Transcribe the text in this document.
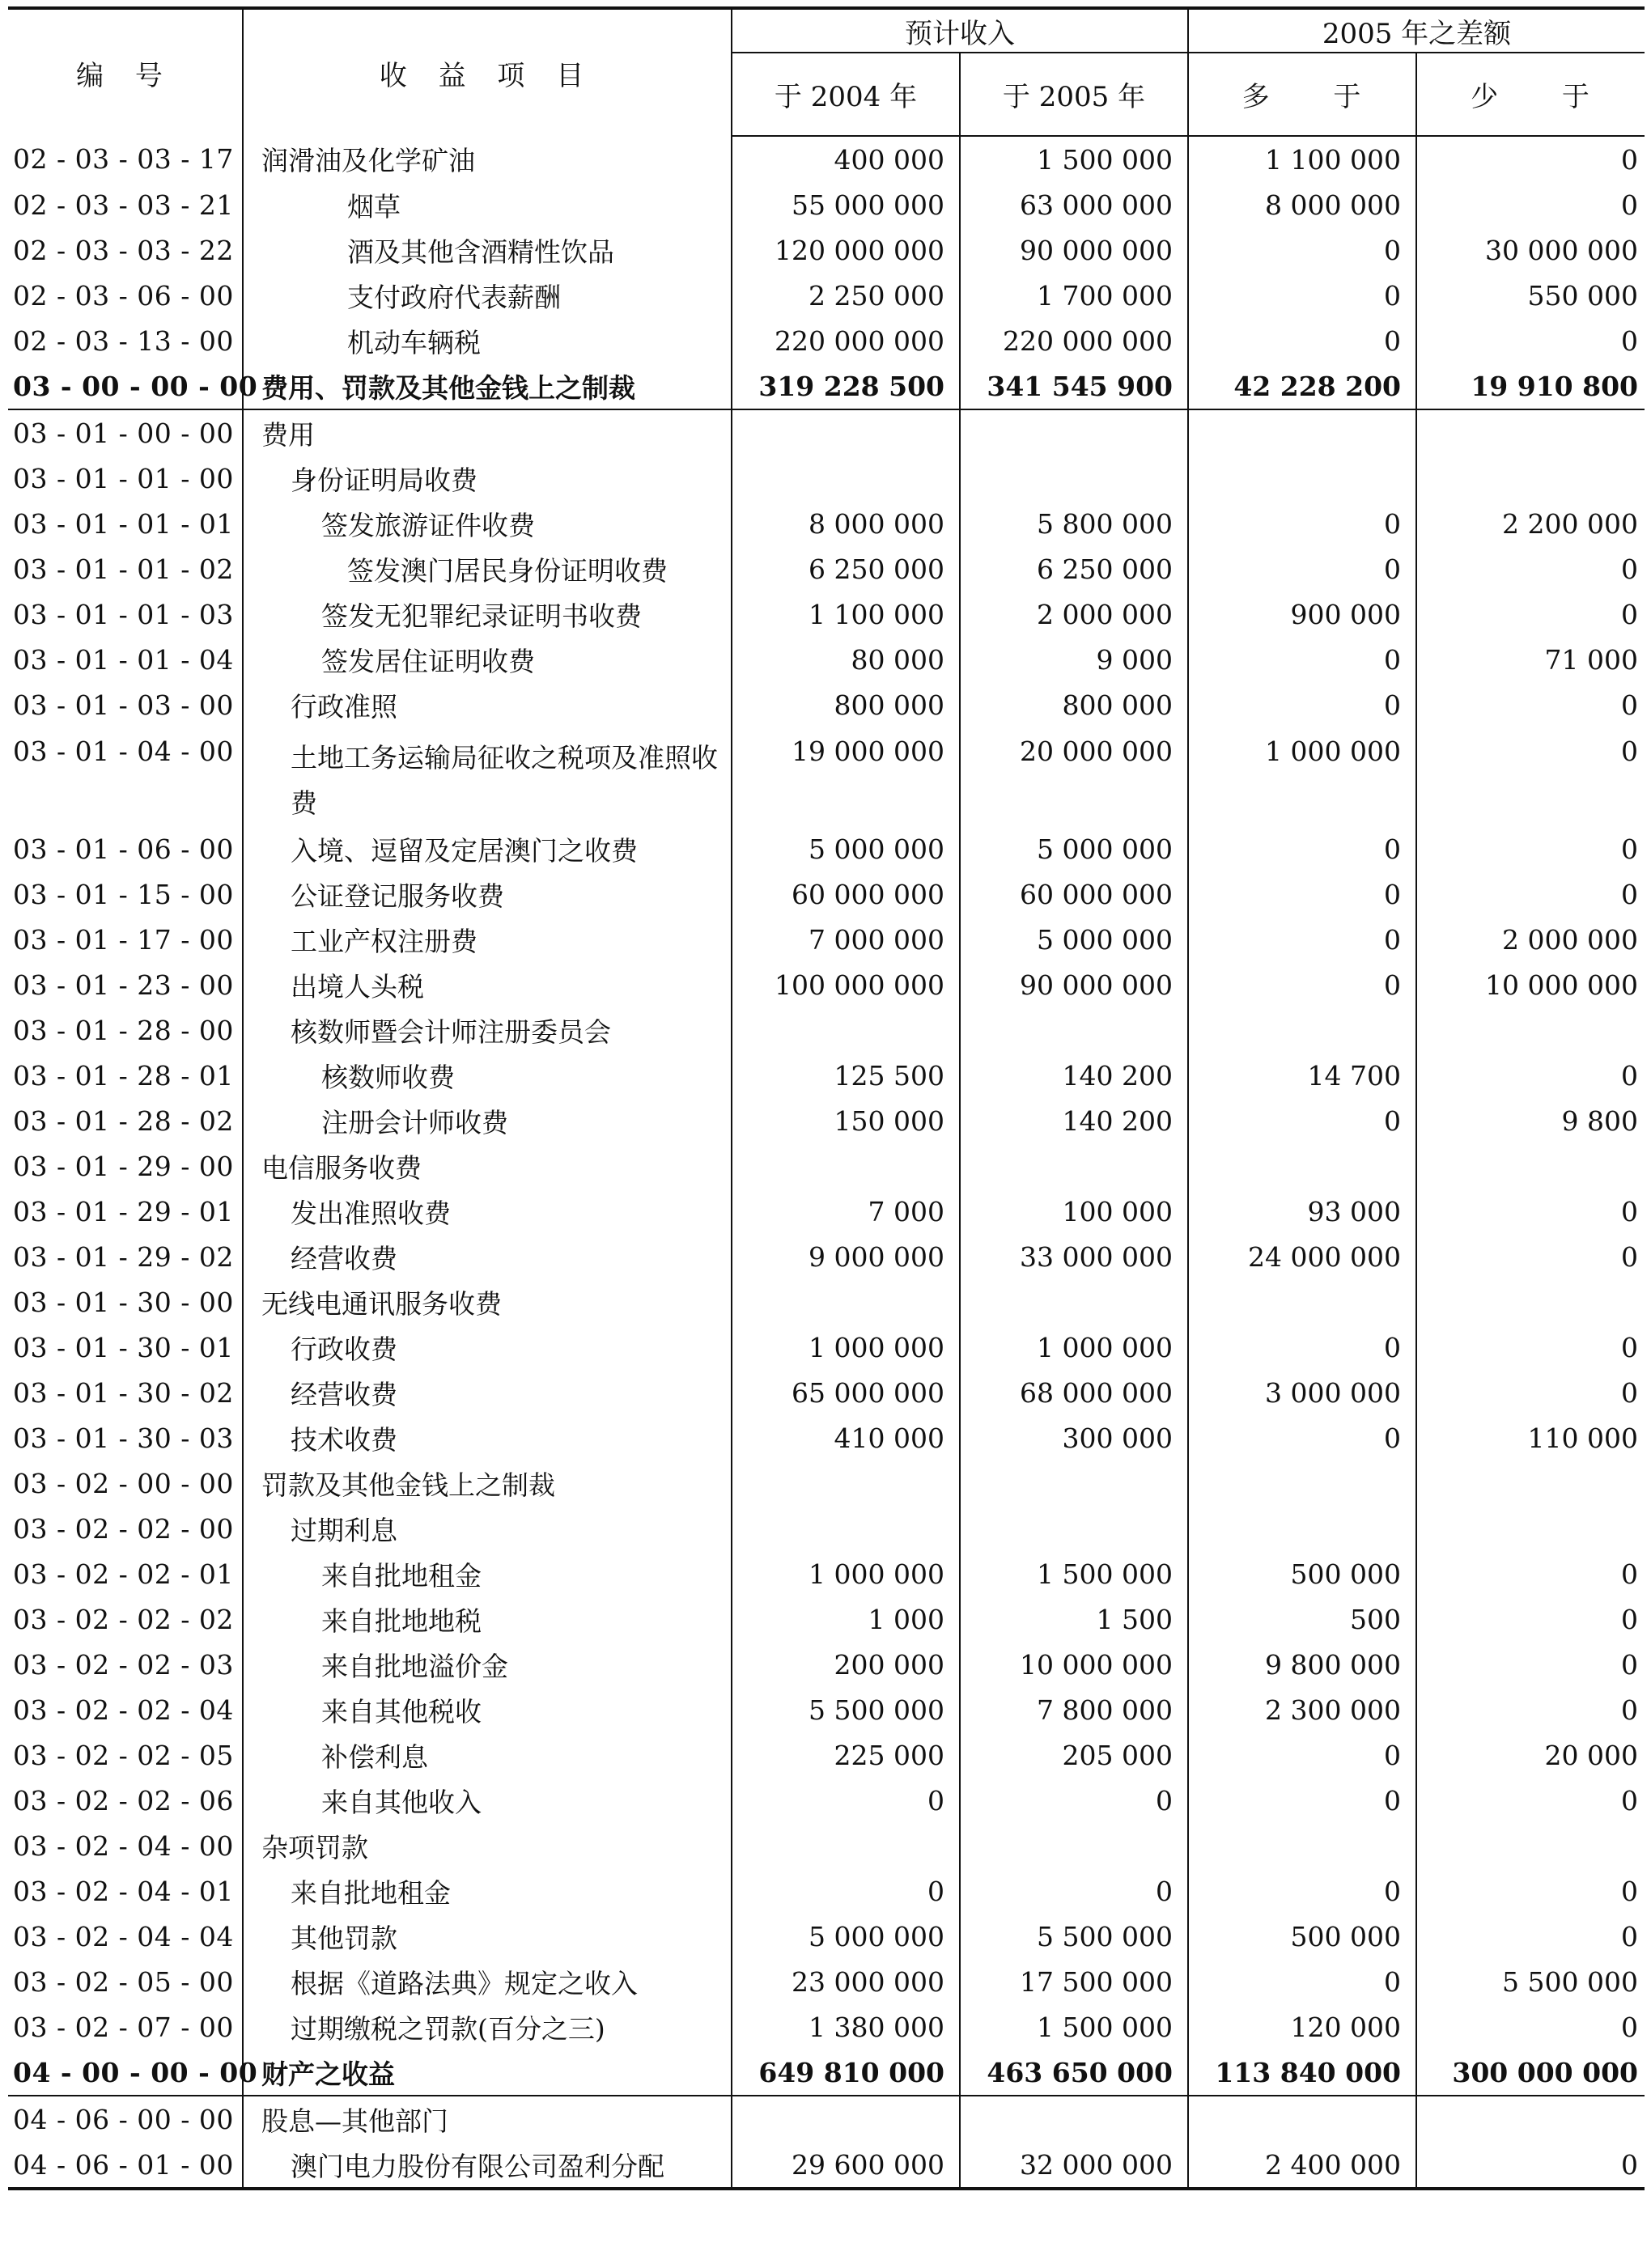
编 号	收 益 项 目	预计收入		2005 年之差额	
		于 2004 年	于 2005 年	多      于	少      于
02 - 03 - 03 - 17	润滑油及化学矿油	400 000	1 500 000	1 100 000	0
02 - 03 - 03 - 21	烟草	55 000 000	63 000 000	8 000 000	0
02 - 03 - 03 - 22	酒及其他含酒精性饮品	120 000 000	90 000 000	0	30 000 000
02 - 03 - 06 - 00	支付政府代表薪酬	2 250 000	1 700 000	0	550 000
02 - 03 - 13 - 00	机动车辆税	220 000 000	220 000 000	0	0
03 - 00 - 00 - 00	费用、罚款及其他金钱上之制裁	319 228 500	341 545 900	42 228 200	19 910 800
03 - 01 - 00 - 00	费用				
03 - 01 - 01 - 00	身份证明局收费				
03 - 01 - 01 - 01	签发旅游证件收费	8 000 000	5 800 000	0	2 200 000
03 - 01 - 01 - 02	签发澳门居民身份证明收费	6 250 000	6 250 000	0	0
03 - 01 - 01 - 03	签发无犯罪纪录证明书收费	1 100 000	2 000 000	900 000	0
03 - 01 - 01 - 04	签发居住证明收费	80 000	9 000	0	71 000
03 - 01 - 03 - 00	行政准照	800 000	800 000	0	0
03 - 01 - 04 - 00	土地工务运输局征收之税项及准照收费	19 000 000	20 000 000	1 000 000	0
03 - 01 - 06 - 00	入境、逗留及定居澳门之收费	5 000 000	5 000 000	0	0
03 - 01 - 15 - 00	公证登记服务收费	60 000 000	60 000 000	0	0
03 - 01 - 17 - 00	工业产权注册费	7 000 000	5 000 000	0	2 000 000
03 - 01 - 23 - 00	出境人头税	100 000 000	90 000 000	0	10 000 000
03 - 01 - 28 - 00	核数师暨会计师注册委员会				
03 - 01 - 28 - 01	核数师收费	125 500	140 200	14 700	0
03 - 01 - 28 - 02	注册会计师收费	150 000	140 200	0	9 800
03 - 01 - 29 - 00	电信服务收费				
03 - 01 - 29 - 01	发出准照收费	7 000	100 000	93 000	0
03 - 01 - 29 - 02	经营收费	9 000 000	33 000 000	24 000 000	0
03 - 01 - 30 - 00	无线电通讯服务收费				
03 - 01 - 30 - 01	行政收费	1 000 000	1 000 000	0	0
03 - 01 - 30 - 02	经营收费	65 000 000	68 000 000	3 000 000	0
03 - 01 - 30 - 03	技术收费	410 000	300 000	0	110 000
03 - 02 - 00 - 00	罚款及其他金钱上之制裁				
03 - 02 - 02 - 00	过期利息				
03 - 02 - 02 - 01	来自批地租金	1 000 000	1 500 000	500 000	0
03 - 02 - 02 - 02	来自批地地税	1 000	1 500	500	0
03 - 02 - 02 - 03	来自批地溢价金	200 000	10 000 000	9 800 000	0
03 - 02 - 02 - 04	来自其他税收	5 500 000	7 800 000	2 300 000	0
03 - 02 - 02 - 05	补偿利息	225 000	205 000	0	20 000
03 - 02 - 02 - 06	来自其他收入	0	0	0	0
03 - 02 - 04 - 00	杂项罚款				
03 - 02 - 04 - 01	来自批地租金	0	0	0	0
03 - 02 - 04 - 04	其他罚款	5 000 000	5 500 000	500 000	0
03 - 02 - 05 - 00	根据《道路法典》规定之收入	23 000 000	17 500 000	0	5 500 000
03 - 02 - 07 - 00	过期缴税之罚款(百分之三)	1 380 000	1 500 000	120 000	0
04 - 00 - 00 - 00	财产之收益	649 810 000	463 650 000	113 840 000	300 000 000
04 - 06 - 00 - 00	股息—其他部门				
04 - 06 - 01 - 00	澳门电力股份有限公司盈利分配	29 600 000	32 000 000	2 400 000	0
